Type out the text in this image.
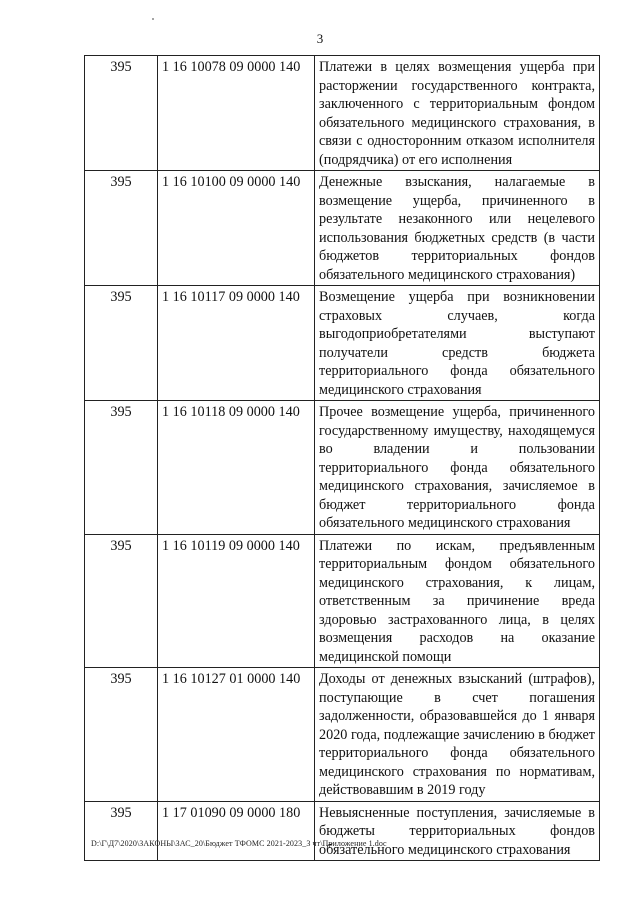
3
395	1 16 10078 09 0000 140	Платежи в целях возмещения ущерба при расторжении государственного контракта, заключенного с территориальным фондом обязательного медицинского страхования, в связи с односторонним отказом исполнителя (подрядчика) от его исполнения
395	1 16 10100 09 0000 140	Денежные взыскания, налагаемые в возмещение ущерба, причиненного в результате незаконного или нецелевого использования бюджетных средств (в части бюджетов территориальных фондов обязательного медицинского страхования)
395	1 16 10117 09 0000 140	Возмещение ущерба при возникновении страховых случаев, когда выгодоприобретателями выступают получатели средств бюджета территориального фонда обязательного медицинского страхования
395	1 16 10118 09 0000 140	Прочее возмещение ущерба, причиненного государственному имуществу, находящемуся во владении и пользовании территориального фонда обязательного медицинского страхования, зачисляемое в бюджет территориального фонда обязательного медицинского страхования
395	1 16 10119 09 0000 140	Платежи по искам, предъявленным территориальным фондом обязательного медицинского страхования, к лицам, ответственным за причинение вреда здоровью застрахованного лица, в целях возмещения расходов на оказание медицинской помощи
395	1 16 10127 01 0000 140	Доходы от денежных взысканий (штрафов), поступающие в счет погашения задолженности, образовавшейся до 1 января 2020 года, подлежащие зачислению в бюджет территориального фонда обязательного медицинского страхования по нормативам, действовавшим в 2019 году
395	1 17 01090 09 0000 180	Невыясненные поступления, зачисляемые в бюджеты территориальных фондов обязательного медицинского страхования
D:\Г\Д7\2020\ЗАКОНЫ\ЗАС_20\Бюджет ТФОМС 2021-2023_3 чт\Приложение 1.doc
